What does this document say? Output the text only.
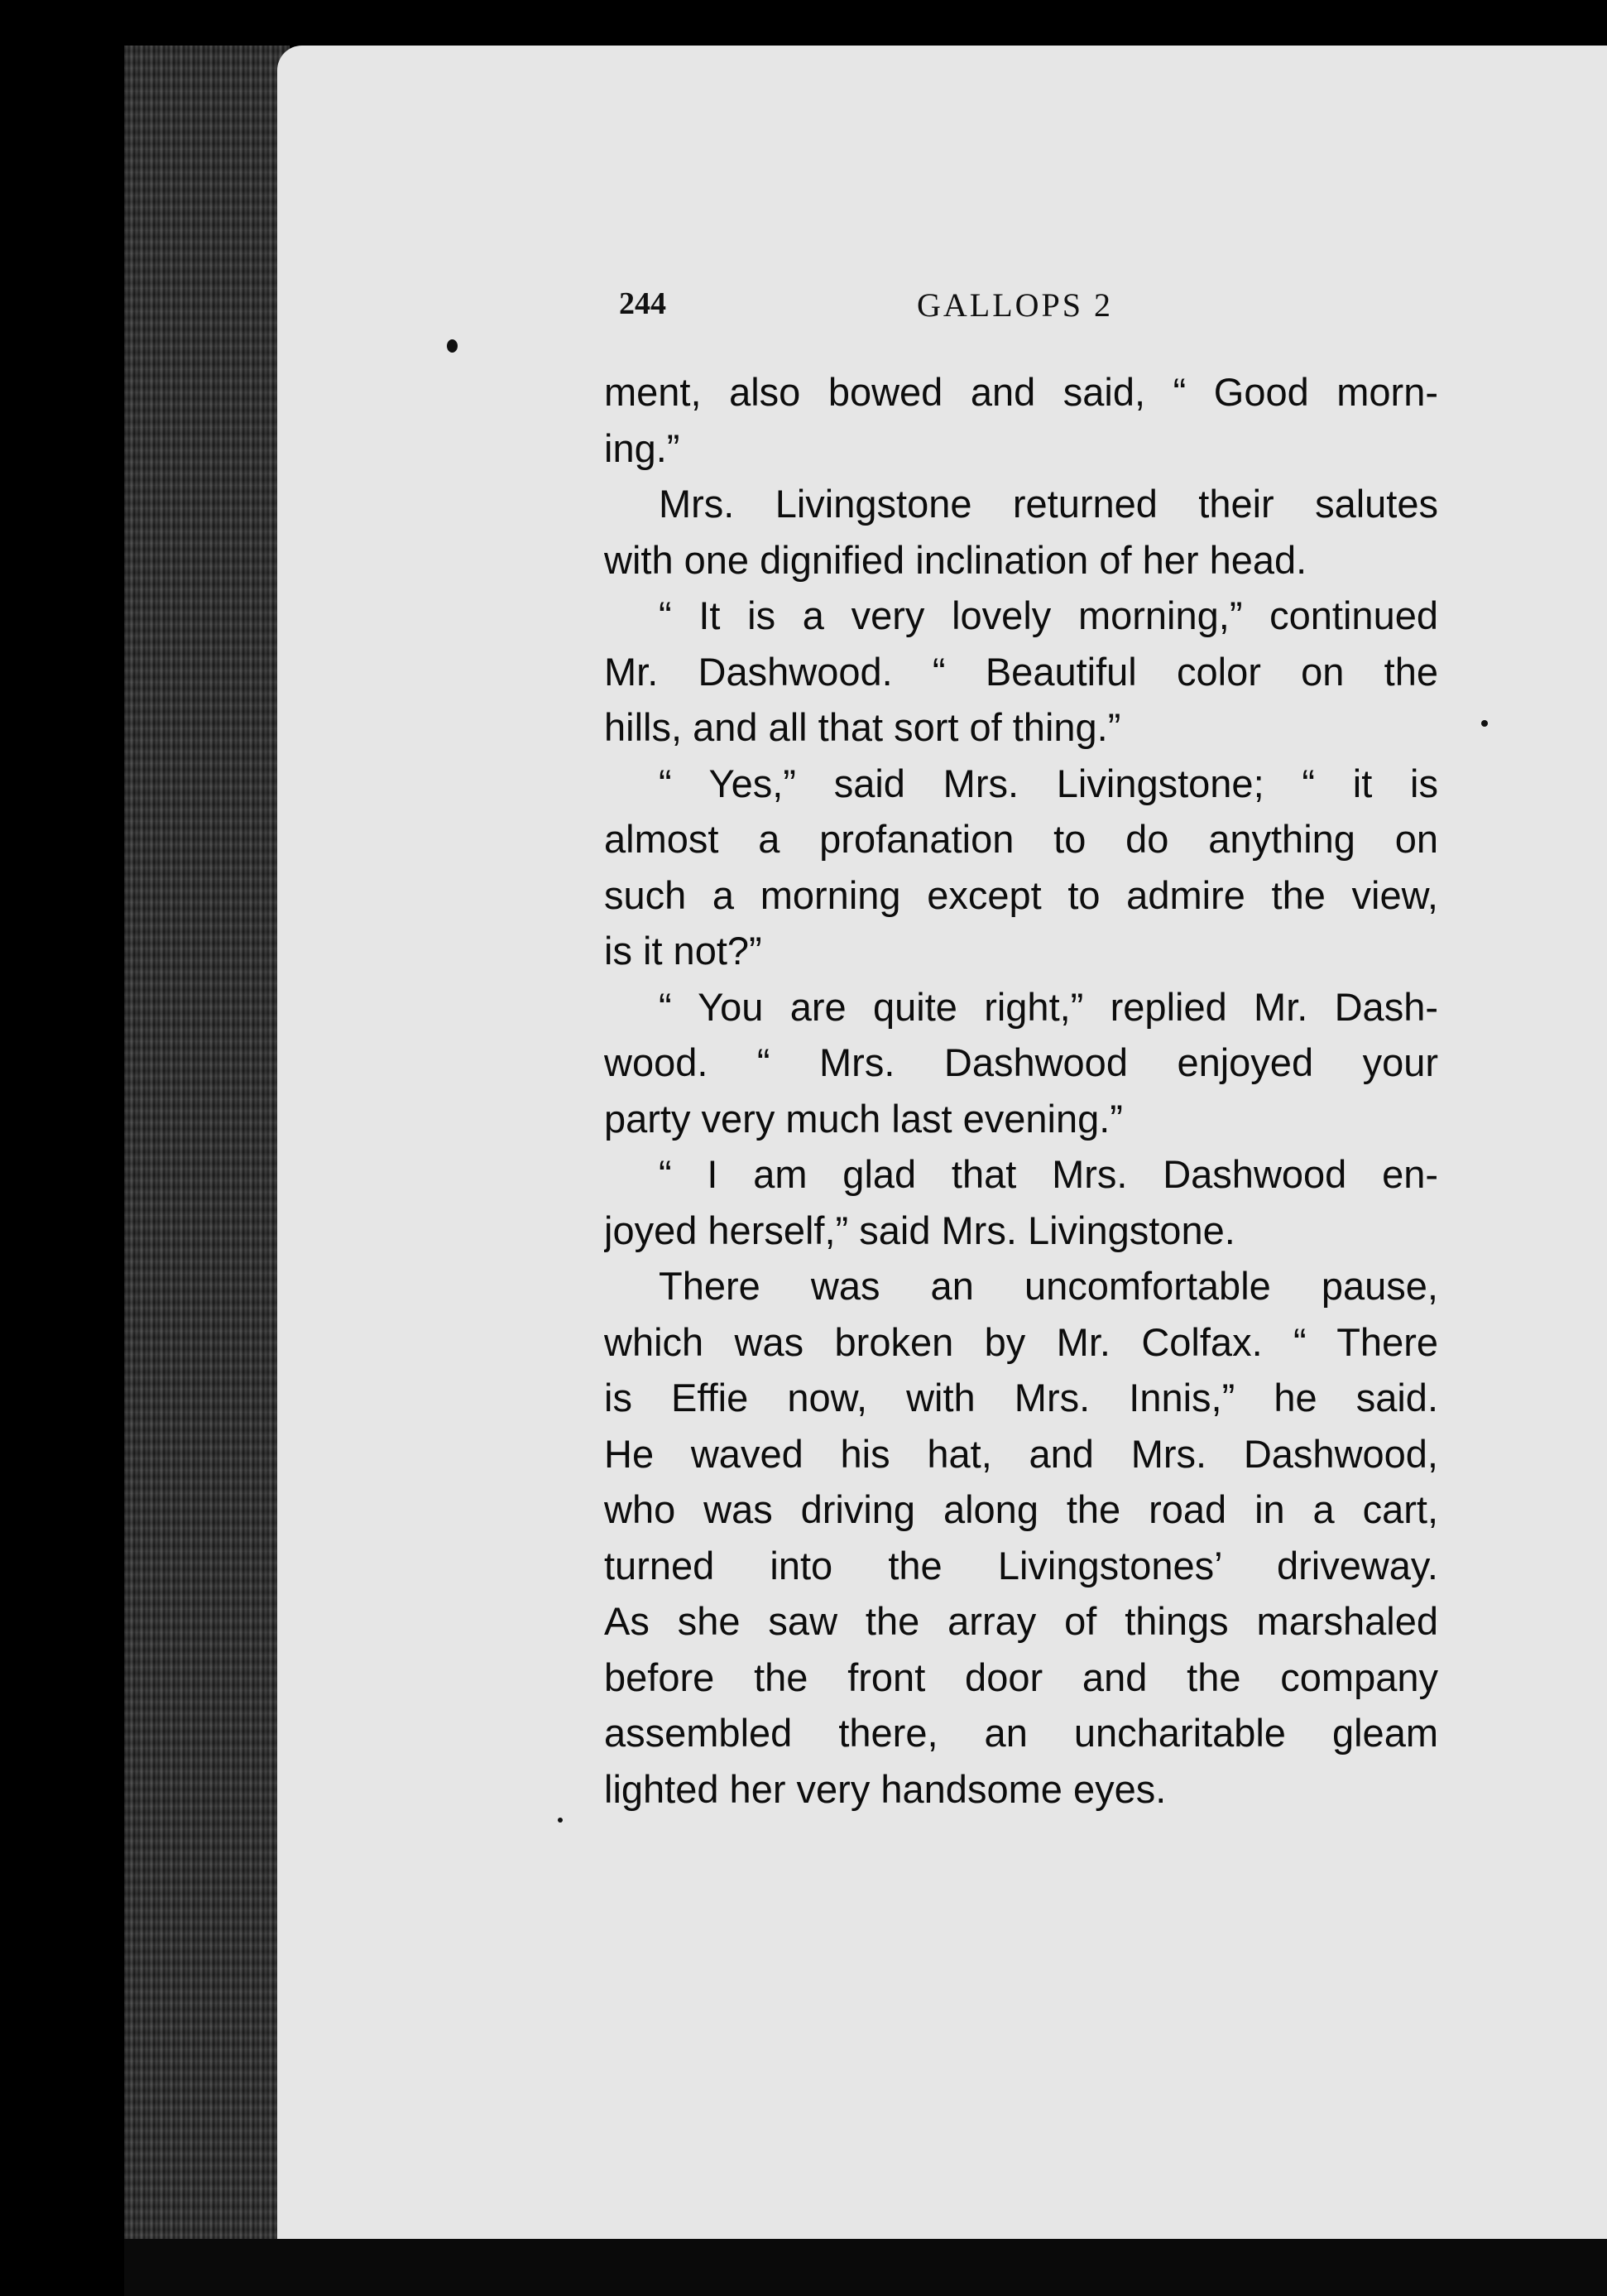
244	GALLOPS 2
ment, also bowed and said, “ Good morn-
ing.”
Mrs. Livingstone returned their salutes
with one dignified inclination of her head.
“ It is a very lovely morning,” continued
Mr. Dashwood. “ Beautiful color on the
hills, and all that sort of thing.”
“ Yes,” said Mrs. Livingstone; “ it is
almost a profanation to do anything on
such a morning except to admire the view,
is it not?”
“ You are quite right,” replied Mr. Dash-
wood. “ Mrs. Dashwood enjoyed your
party very much last evening.”
“ I am glad that Mrs. Dashwood en-
joyed herself,” said Mrs. Livingstone.
There was an uncomfortable pause,
which was broken by Mr. Colfax. “ There
is Effie now, with Mrs. Innis,” he said.
He waved his hat, and Mrs. Dashwood,
who was driving along the road in a cart,
turned into the Livingstones’ driveway.
As she saw the array of things marshaled
before the front door and the company
assembled there, an uncharitable gleam
lighted her very handsome eyes.
